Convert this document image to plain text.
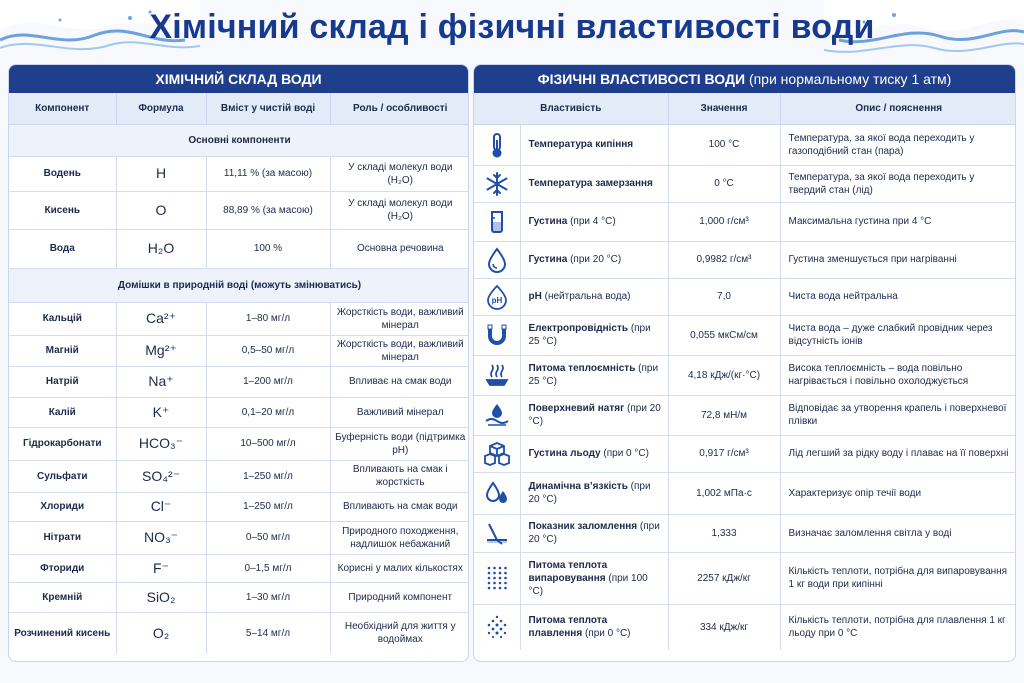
Хімічний склад і фізичні властивості води
ХІМІЧНИЙ СКЛАД ВОДИ
Компонент	Формула	Вміст у чистій воді	Роль / особливості
Основні компоненти			
Водень	H	11,11 % (за масою)	У складі молекул води (H₂O)
Кисень	O	88,89 % (за масою)	У складі молекул води (H₂O)
Вода	H₂O	100 %	Основна речовина
Домішки в природній воді (можуть змінюватись)			
Кальцій	Ca²⁺	1–80 мг/л	Жорсткість води, важливий мінерал
Магній	Mg²⁺	0,5–50 мг/л	Жорсткість води, важливий мінерал
Натрій	Na⁺	1–200 мг/л	Впливає на смак води
Калій	K⁺	0,1–20 мг/л	Важливий мінерал
Гідрокарбонати	HCO₃⁻	10–500 мг/л	Буферність води (підтримка pH)
Сульфати	SO₄²⁻	1–250 мг/л	Впливають на смак і жорсткість
Хлориди	Cl⁻	1–250 мг/л	Впливають на смак води
Нітрати	NO₃⁻	0–50 мг/л	Природного походження, надлишок небажаний
Фториди	F⁻	0–1,5 мг/л	Корисні у малих кількостях
Кремній	SiO₂	1–30 мг/л	Природний компонент
Розчинений кисень	O₂	5–14 мг/л	Необхідний для життя у водоймах
ФІЗИЧНІ ВЛАСТИВОСТІ ВОДИ (при нормальному тиску 1 атм)
Властивість		Значення	Опис / пояснення

	Температура кипіння	100 °C	Температура, за якої вода переходить у газоподібний стан (пара)

	Температура замерзання	0 °C	Температура, за якої вода переходить у твердий стан (лід)

	Густина (при 4 °C)	1,000 г/см³	Максимальна густина при 4 °C

	Густина (при 20 °C)	0,9982 г/см³	Густина зменшується при нагріванні

pH	pH (нейтральна вода)	7,0	Чиста вода нейтральна

	Електропровідність (при 25 °C)	0,055 мкСм/см	Чиста вода – дуже слабкий провідник через відсутність іонів

	Питома теплоємність (при 25 °C)	4,18 кДж/(кг·°C)	Висока теплоємність – вода повільно нагрівається і повільно охолоджується

	Поверхневий натяг (при 20 °C)	72,8 мН/м	Відповідає за утворення крапель і поверхневої плівки

	Густина льоду (при 0 °C)	0,917 г/см³	Лід легший за рідку воду і плаває на її поверхні

	Динамічна в’язкість (при 20 °C)	1,002 мПа·с	Характеризує опір течії води

	Показник заломлення (при 20 °C)	1,333	Визначає заломлення світла у воді

	Питома теплота випаровування (при 100 °C)	2257 кДж/кг	Кількість теплоти, потрібна для випаровування 1 кг води при кипінні

	Питома теплота плавлення (при 0 °C)	334 кДж/кг	Кількість теплоти, потрібна для плавлення 1 кг льоду при 0 °C
